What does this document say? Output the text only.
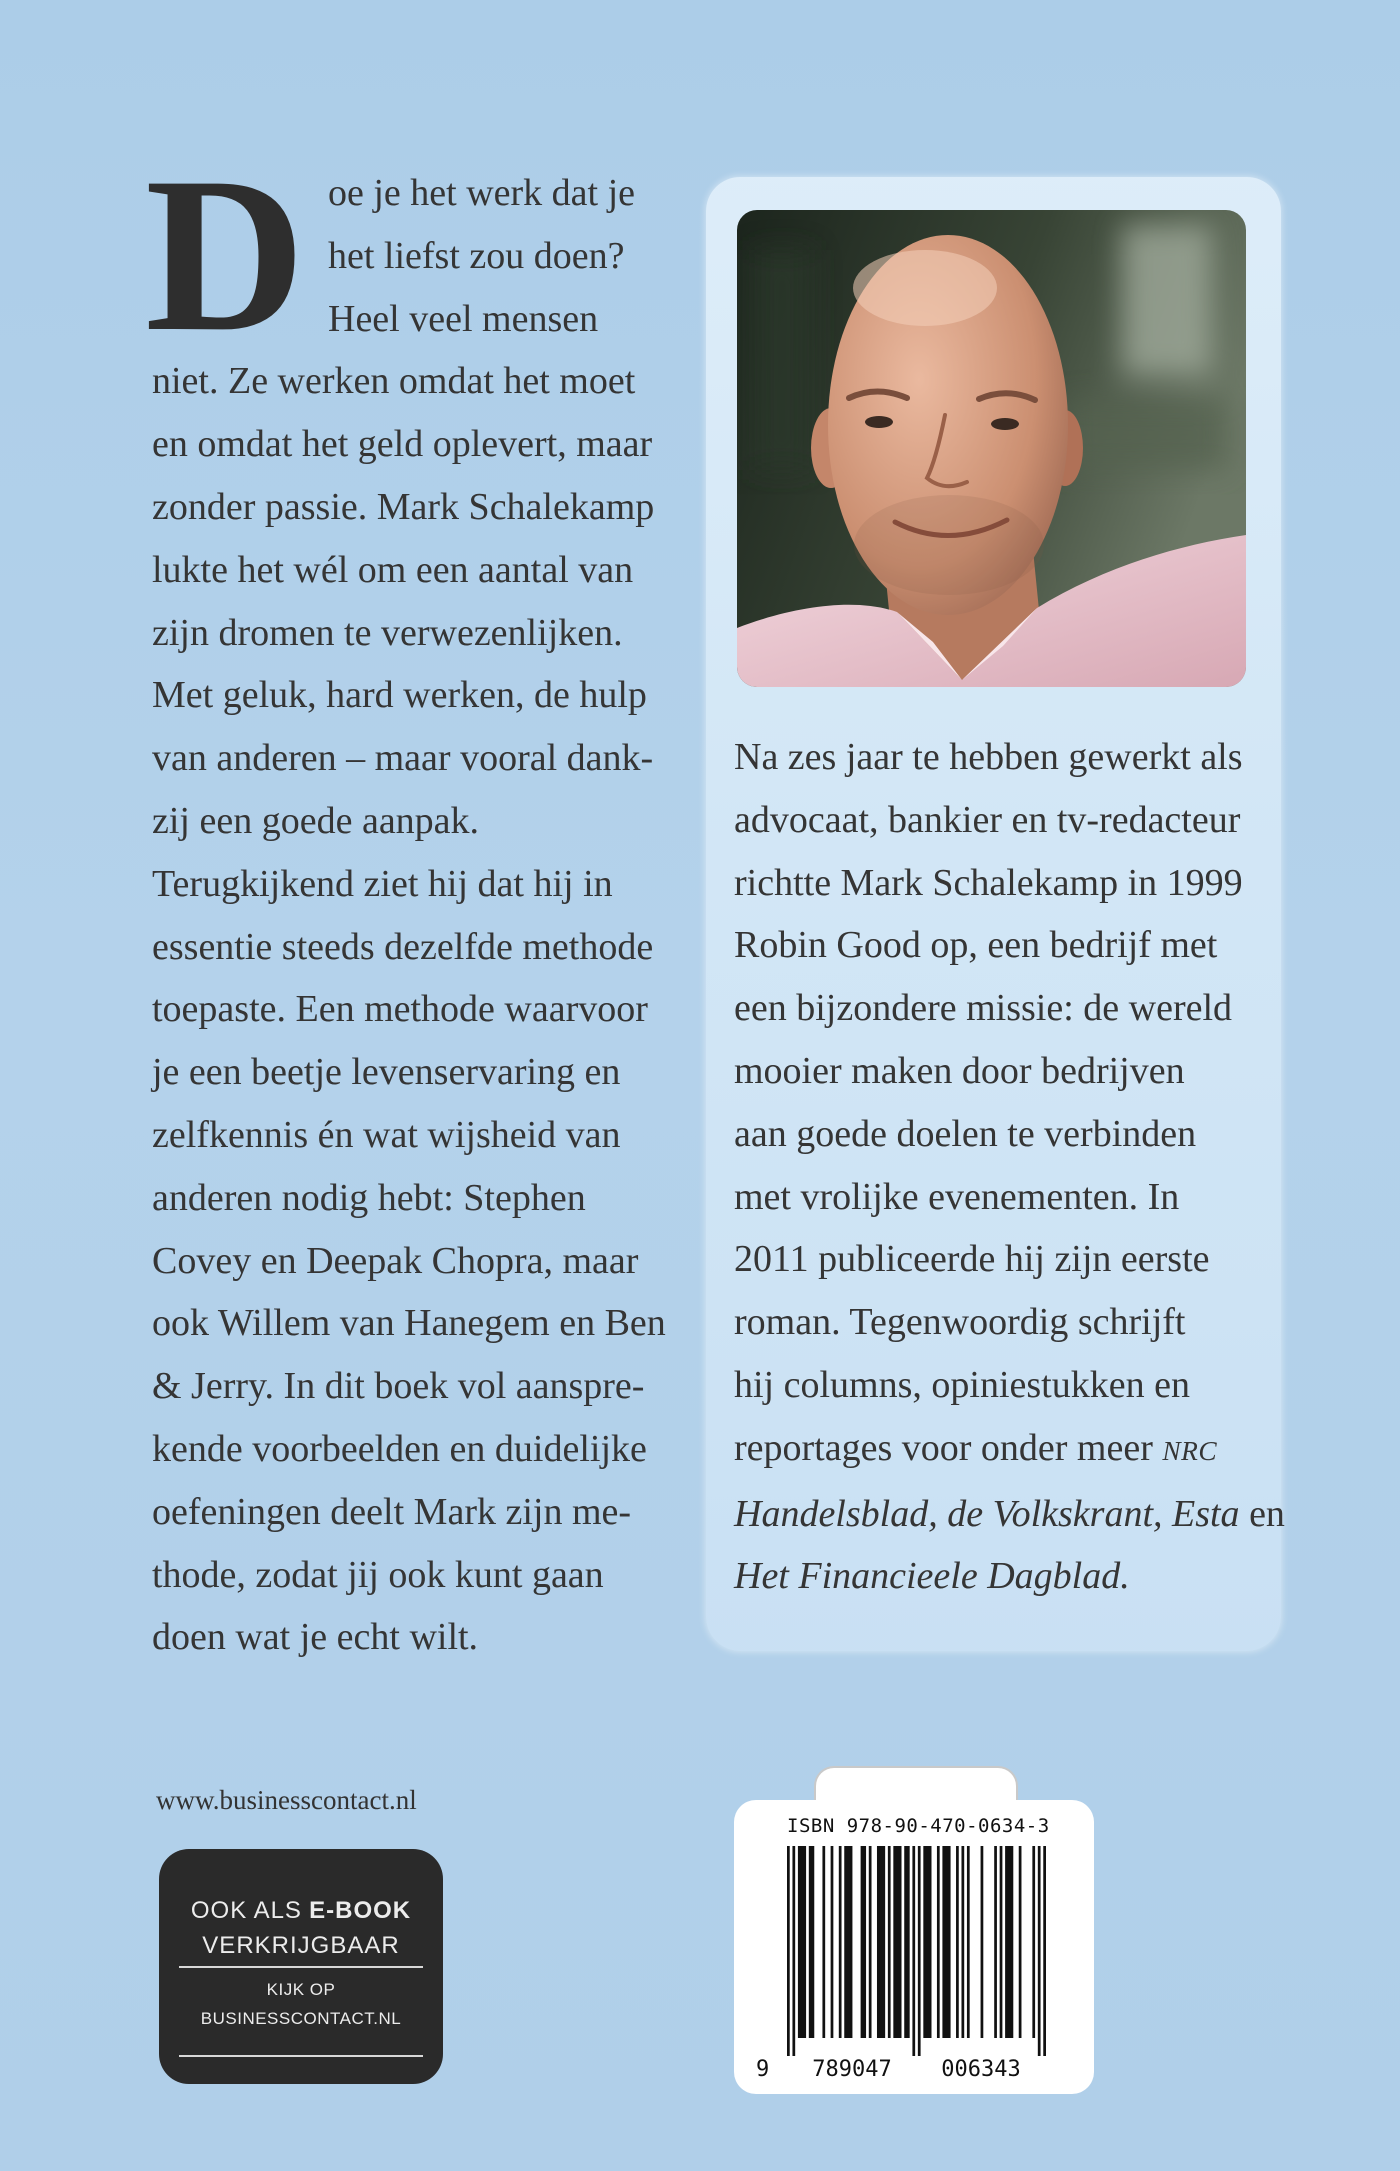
D oe je het werk dat je
het liefst zou doen?
Heel veel mensen
niet. Ze werken omdat het moet
en omdat het geld oplevert, maar
zonder passie. Mark Schalekamp
lukte het wél om een aantal van
zijn dromen te verwezenlijken.
Met geluk, hard werken, de hulp
van anderen – maar vooral dank-
zij een goede aanpak.
Terugkijkend ziet hij dat hij in
essentie steeds dezelfde methode
toepaste. Een methode waarvoor
je een beetje levenservaring en
zelfkennis én wat wijsheid van
anderen nodig hebt: Stephen
Covey en Deepak Chopra, maar
ook Willem van Hanegem en Ben
& Jerry. In dit boek vol aanspre-
kende voorbeelden en duidelijke
oefeningen deelt Mark zijn me-
thode, zodat jij ook kunt gaan
doen wat je echt wilt.
Na zes jaar te hebben gewerkt als
advocaat, bankier en tv-redacteur
richtte Mark Schalekamp in 1999
Robin Good op, een bedrijf met
een bijzondere missie: de wereld
mooier maken door bedrijven
aan goede doelen te verbinden
met vrolijke evenementen. In
2011 publiceerde hij zijn eerste
roman. Tegenwoordig schrijft
hij columns, opiniestukken en
reportages voor onder meer NRC
Handelsblad, de Volkskrant, Esta en
Het Financieele Dagblad.
www.businesscontact.nl
OOK ALS E-BOOK
VERKRIJGBAAR
KIJK OP
BUSINESSCONTACT.NL
ISBN 978-90-470-0634-3
9 789047 006343
